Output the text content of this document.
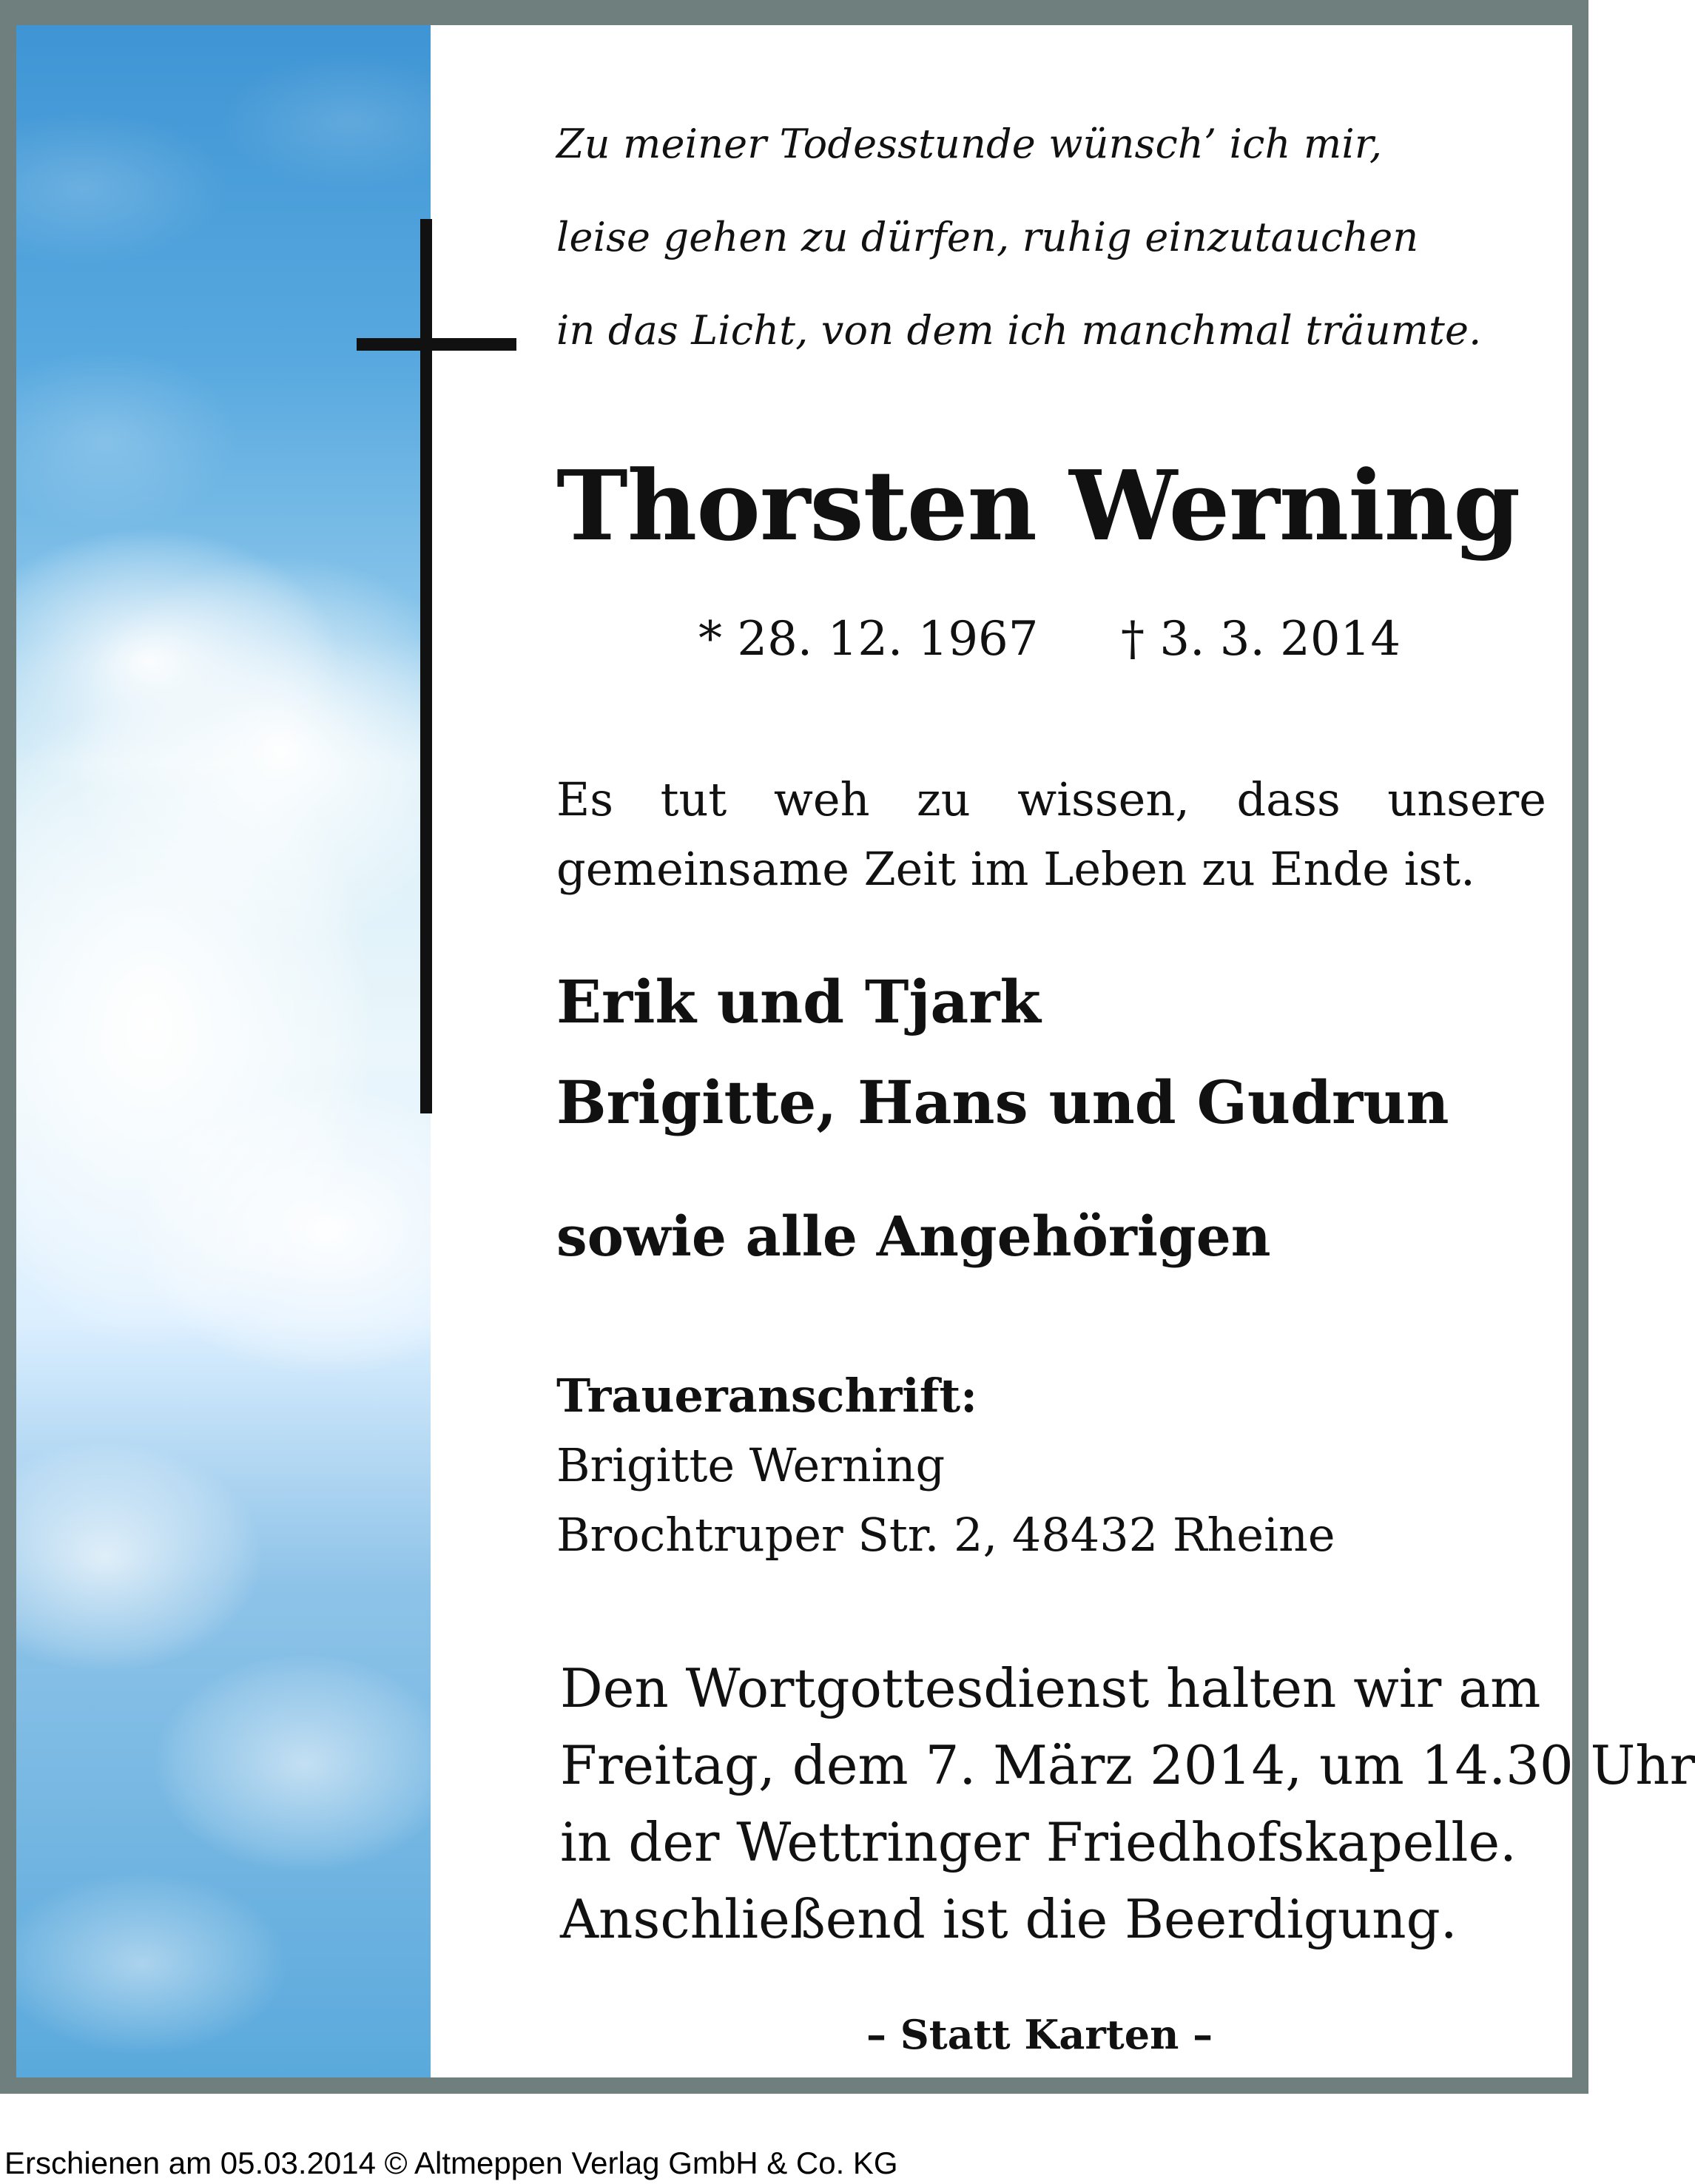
Zu meiner Todesstunde wünsch’ ich mir,
leise gehen zu dürfen, ruhig einzutauchen
in das Licht, von dem ich manchmal träumte.
Thorsten Werning
* 28. 12. 1967 † 3. 3. 2014
Es tut weh zu wissen, dass unsere gemeinsame Zeit im Leben zu Ende ist.
Erik und Tjark
Brigitte, Hans und Gudrun
sowie alle Angehörigen
Traueranschrift:
Brigitte Werning
Brochtruper Str. 2, 48432 Rheine
Den Wortgottesdienst halten wir am
Freitag, dem 7. März 2014, um 14.30 Uhr
in der Wettringer Friedhofskapelle.
Anschließend ist die Beerdigung.
– Statt Karten –
Erschienen am 05.03.2014 © Altmeppen Verlag GmbH & Co. KG
